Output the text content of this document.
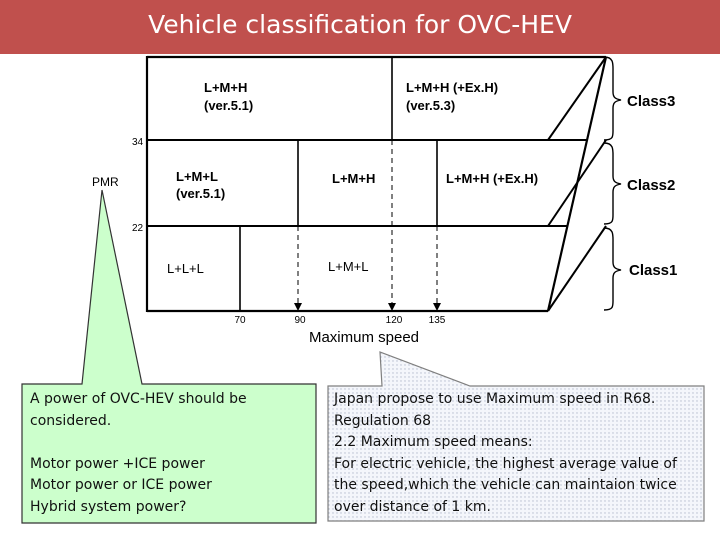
Vehicle classification for OVC-HEV
Class3
Class2
Class1
PMR
34
22
70	90	120	135
Maximum speed
L+M+H
(ver.5.1)
L+M+H (+Ex.H)
(ver.5.3)
L+M+L
(ver.5.1)
L+M+H	L+M+H (+Ex.H)
L+L+L	L+M+L
A power of OVC-HEV should be
considered.

Motor power +ICE power
Motor power or ICE power
Hybrid system power?
Japan propose to use Maximum speed in R68.
Regulation 68
2.2 Maximum speed means:
For electric vehicle, the highest average value of
the speed,which the vehicle can maintaion twice
over distance of 1 km.
